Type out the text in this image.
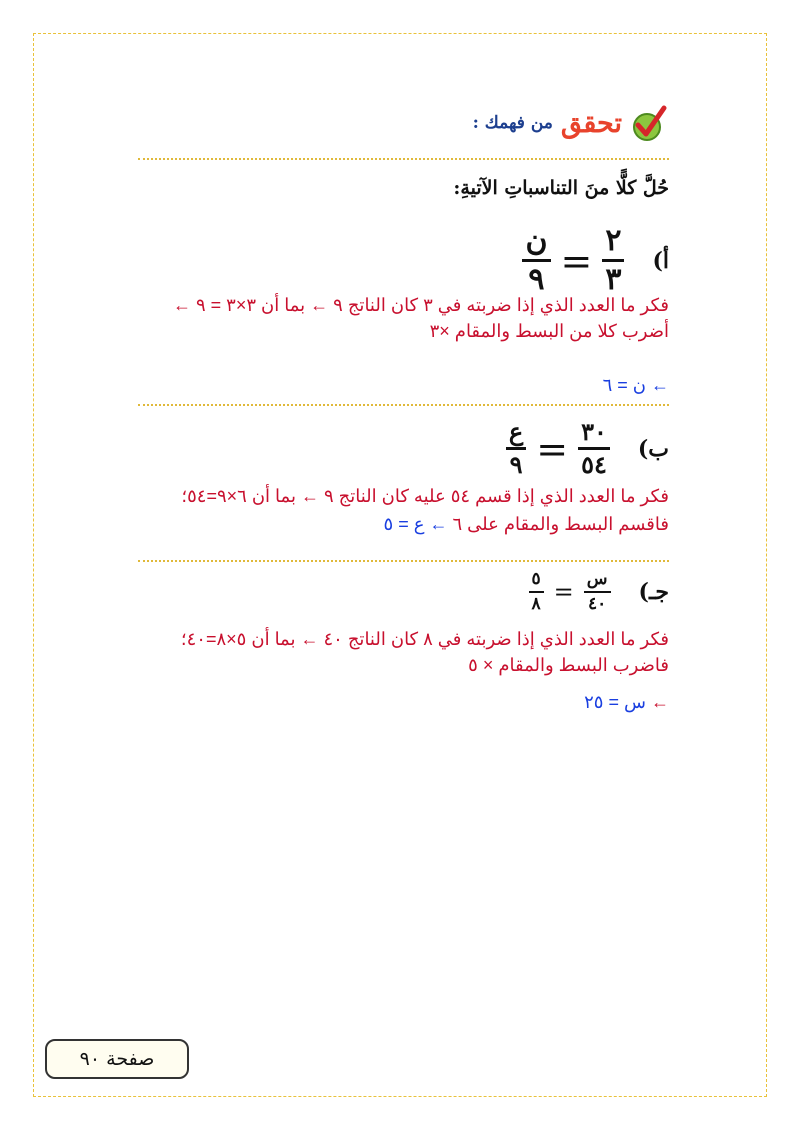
تحقق
من فهمك :
حُلَّ كلًّا منَ التناسباتِ الآتيةِ:
أ)
$\frac{٢}{٣}$
=
$\frac{\text{ن}}{٩}$
فكر ما العدد الذي إذا ضربته في ٣ كان الناتج ٩ ← بما أن ٣×٣ = ٩ ←
أضرب كلا من البسط والمقام ×٣
← ن = ٦
ب)
$\frac{٣٠}{٥٤}$
=
$\frac{\text{ع}}{٩}$
فكر ما العدد الذي إذا قسم ٥٤ عليه كان الناتج ٩ ← بما أن ٦×٩=٥٤؛
فاقسم البسط والمقام على ٦ ← ع = ٥
جـ)
$\frac{\text{س}}{٤٠}$
=
$\frac{٥}{٨}$
فكر ما العدد الذي إذا ضربته في ٨ كان الناتج ٤٠ ← بما أن ٥×٨=٤٠؛
فاضرب البسط والمقام × ٥
← س = ٢٥
صفحة ٩٠
